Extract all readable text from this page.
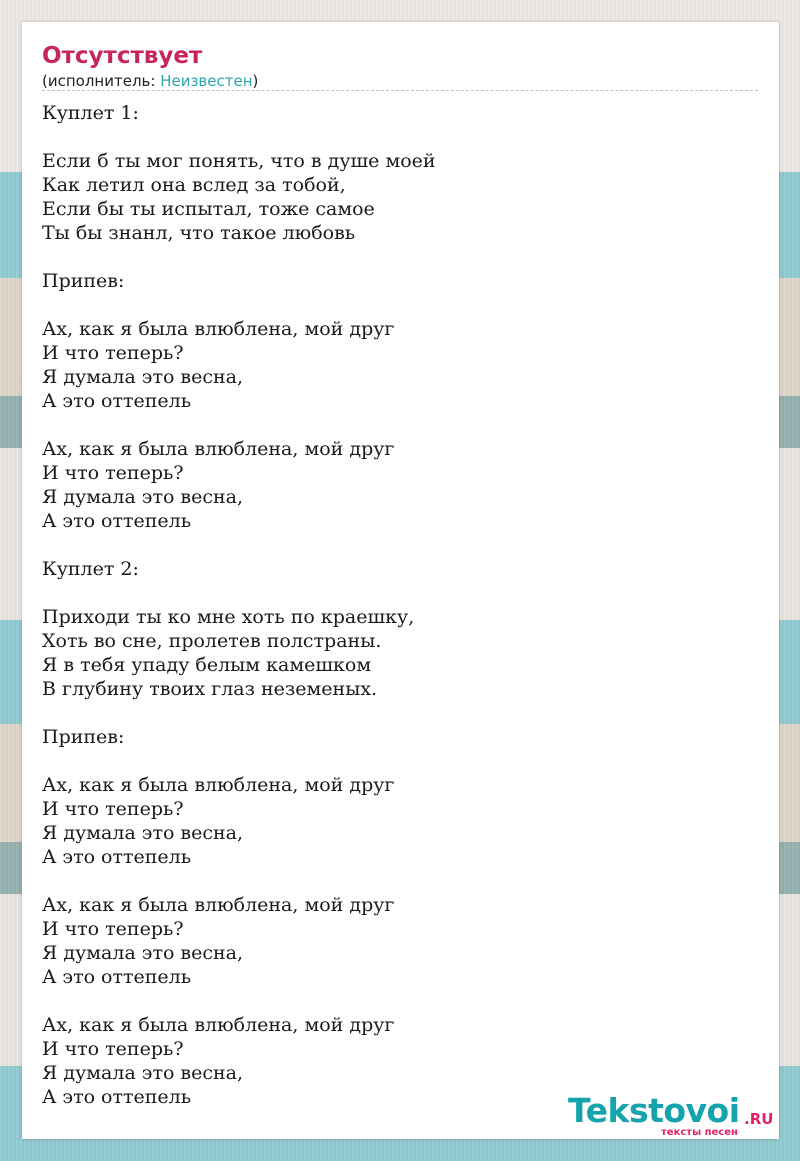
Отсутствует
(исполнитель: Неизвестен)
Куплет 1:
Если б ты мог понять, что в душе моей
Как летил она вслед за тобой,
Если бы ты испытал, тоже самое
Ты бы знанл, что такое любовь
Припев:
Ах, как я была влюблена, мой друг
И что теперь?
Я думала это весна,
А это оттепель
Ах, как я была влюблена, мой друг
И что теперь?
Я думала это весна,
А это оттепель
Куплет 2:
Приходи ты ко мне хоть по краешку,
Хоть во сне, пролетев полстраны.
Я в тебя упаду белым камешком
В глубину твоих глаз неземеных.
Припев:
Ах, как я была влюблена, мой друг
И что теперь?
Я думала это весна,
А это оттепель
Ах, как я была влюблена, мой друг
И что теперь?
Я думала это весна,
А это оттепель
Ах, как я была влюблена, мой друг
И что теперь?
Я думала это весна,
А это оттепель	Tekstovoi .RU
тексты песен
